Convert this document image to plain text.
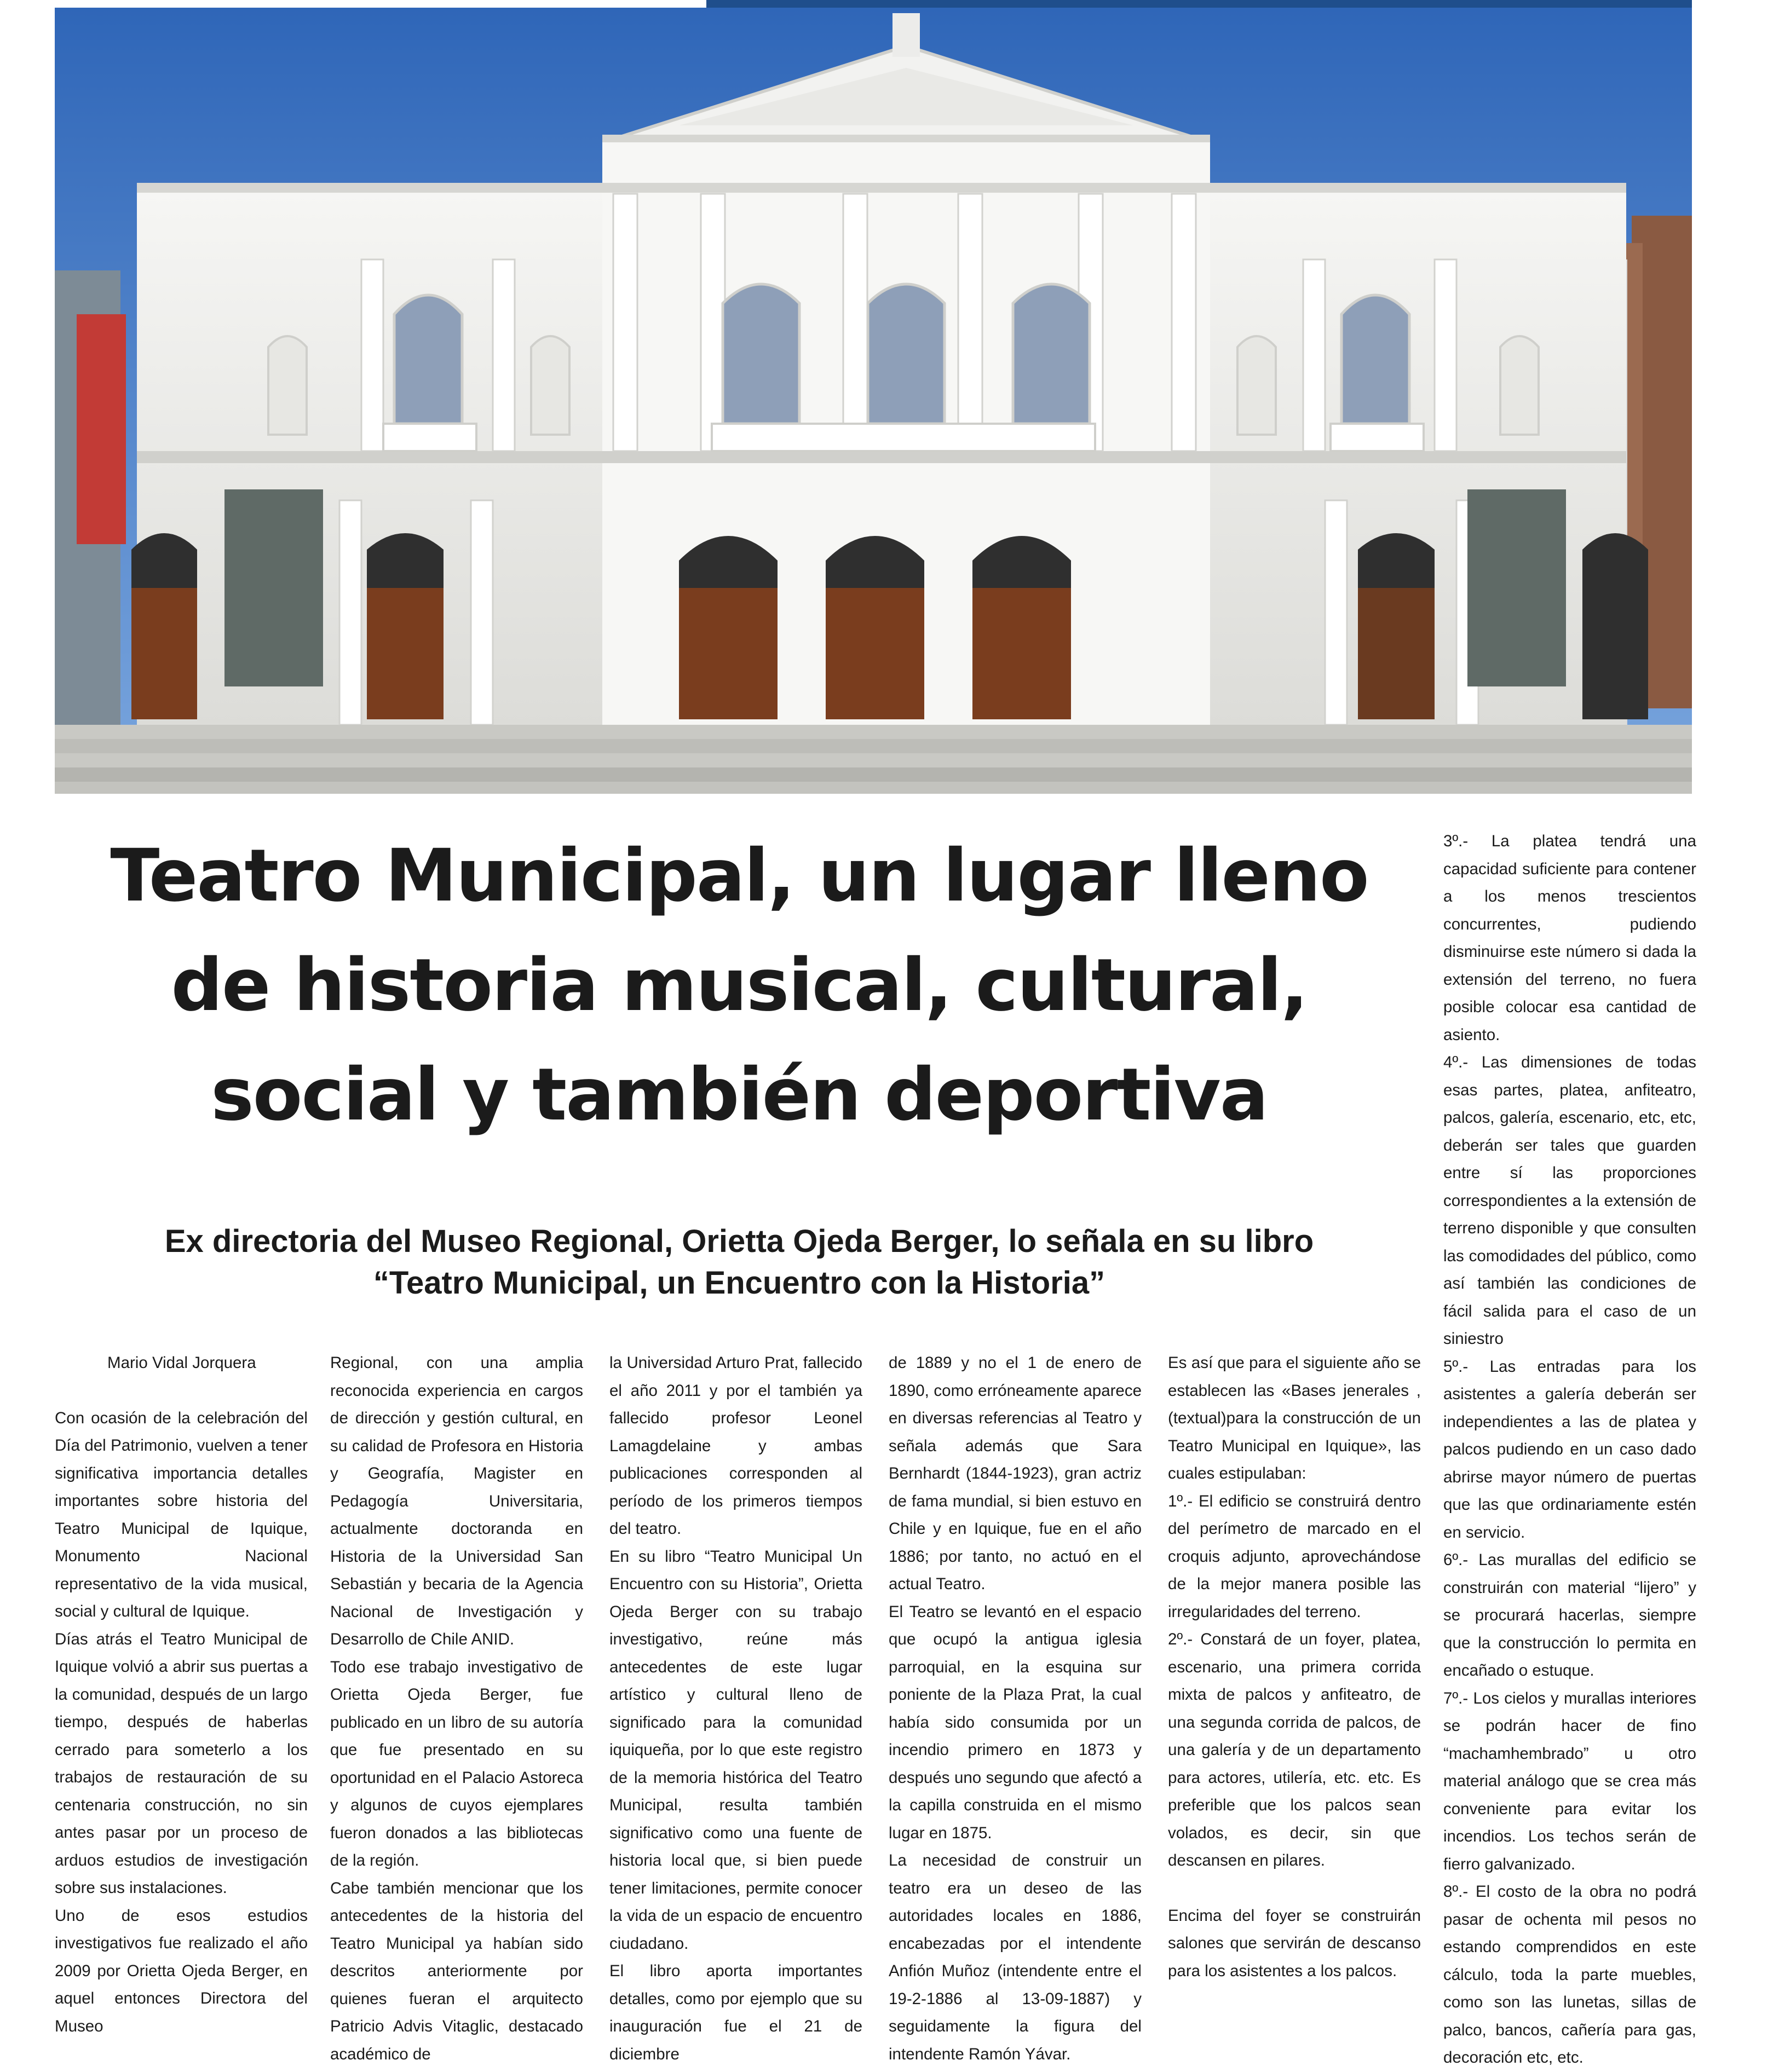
Teatro Municipal, un lugar lleno
de historia musical, cultural,
social y también deportiva
Ex directoria del Museo Regional, Orietta Ojeda Berger, lo señala en su libro
“Teatro Municipal, un Encuentro con la Historia”

Mario Vidal Jorquera

Con ocasión de la celebración del Día del Patrimonio, vuelven a tener significativa importancia detalles importantes sobre historia del Teatro Municipal de Iquique, Monumento Nacional representativo de la vida musical, social y cultural de Iquique.

Días atrás el Teatro Municipal de Iquique volvió a abrir sus puertas a la comunidad, después de un largo tiempo, después de haberlas cerrado para someterlo a los trabajos de restauración de su centenaria construcción, no sin antes pasar por un proceso de arduos estudios de investigación sobre sus instalaciones.

Uno de esos estudios investigativos fue realizado el año 2009 por Orietta Ojeda Berger, en aquel entonces Directora del Museo

Regional, con una amplia reconocida experiencia en cargos de dirección y gestión cultural, en su calidad de Profesora en Historia y Geografía, Magister en Pedagogía Universitaria, actualmente doctoranda en Historia de la Universidad San Sebastián y becaria de la Agencia Nacional de Investigación y Desarrollo de Chile ANID.

Todo ese trabajo investigativo de Orietta Ojeda Berger, fue publicado en un libro de su autoría que fue presentado en su oportunidad en el Palacio Astoreca y algunos de cuyos ejemplares fueron donados a las bibliotecas de la región.

Cabe también mencionar que los antecedentes de la historia del Teatro Municipal ya habían sido descritos anteriormente por quienes fueran el arquitecto Patricio Advis Vitaglic, destacado académico de

la Universidad Arturo Prat, fallecido el año 2011 y por el también ya fallecido profesor Leonel Lamagdelaine y ambas publicaciones corresponden al período de los primeros tiempos del teatro.

En su libro “Teatro Municipal Un Encuentro con su Historia”, Orietta Ojeda Berger con su trabajo investigativo, reúne más antecedentes de este lugar artístico y cultural lleno de significado para la comunidad iquiqueña, por lo que este registro de la memoria histórica del Teatro Municipal, resulta también significativo como una fuente de historia local que, si bien puede tener limitaciones, permite conocer la vida de un espacio de encuentro ciudadano.

El libro aporta importantes detalles, como por ejemplo que su inauguración fue el 21 de diciembre

de 1889 y no el 1 de enero de 1890, como erróneamente aparece en diversas referencias al Teatro y señala además que Sara Bernhardt (1844-1923), gran actriz de fama mundial, si bien estuvo en Chile y en Iquique, fue en el año 1886; por tanto, no actuó en el actual Teatro.

El Teatro se levantó en el espacio que ocupó la antigua iglesia parroquial, en la esquina sur poniente de la Plaza Prat, la cual había sido consumida por un incendio primero en 1873 y después uno segundo que afectó a la capilla construida en el mismo lugar en 1875.

La necesidad de construir un teatro era un deseo de las autoridades locales en 1886, encabezadas por el intendente Anfión Muñoz (intendente entre el 19-2-1886 al 13-09-1887) y seguidamente la figura del intendente Ramón Yávar.

Es así que para el siguiente año se establecen las «Bases jenerales ,(textual)para la construcción de un Teatro Municipal en Iquique», las cuales estipulaban:

1º.- El edificio se construirá dentro del perímetro de marcado en el croquis adjunto, aprovechándose de la mejor manera posible las irregularidades del terreno.

2º.- Constará de un foyer, platea, escenario, una primera corrida mixta de palcos y anfiteatro, de una segunda corrida de palcos, de una galería y de un departamento para actores, utilería, etc. etc. Es preferible que los palcos sean volados, es decir, sin que descansen en pilares.

Encima del foyer se construirán salones que servirán de descanso para los asistentes a los palcos.

3º.- La platea tendrá una capacidad suficiente para contener a los menos trescientos concurrentes, pudiendo disminuirse este número si dada la extensión del terreno, no fuera posible colocar esa cantidad de asiento.

4º.- Las dimensiones de todas esas partes, platea, anfiteatro, palcos, galería, escenario, etc, etc, deberán ser tales que guarden entre sí las proporciones correspondientes a la extensión de terreno disponible y que consulten las comodidades del público, como así también las condiciones de fácil salida para el caso de un siniestro

5º.- Las entradas para los asistentes a galería deberán ser independientes a las de platea y palcos pudiendo en un caso dado abrirse mayor número de puertas que las que ordinariamente estén en servicio.

6º.- Las murallas del edificio se construirán con material “lijero” y se procurará hacerlas, siempre que la construcción lo permita en encañado o estuque.

7º.- Los cielos y murallas interiores se podrán hacer de fino “machamhembrado” u otro material análogo que se crea más conveniente para evitar los incendios. Los techos serán de fierro galvanizado.

8º.- El costo de la obra no podrá pasar de ochenta mil pesos no estando comprendidos en este cálculo, toda la parte muebles, como son las lunetas, sillas de palco, bancos, cañería para gas, decoración etc, etc.
